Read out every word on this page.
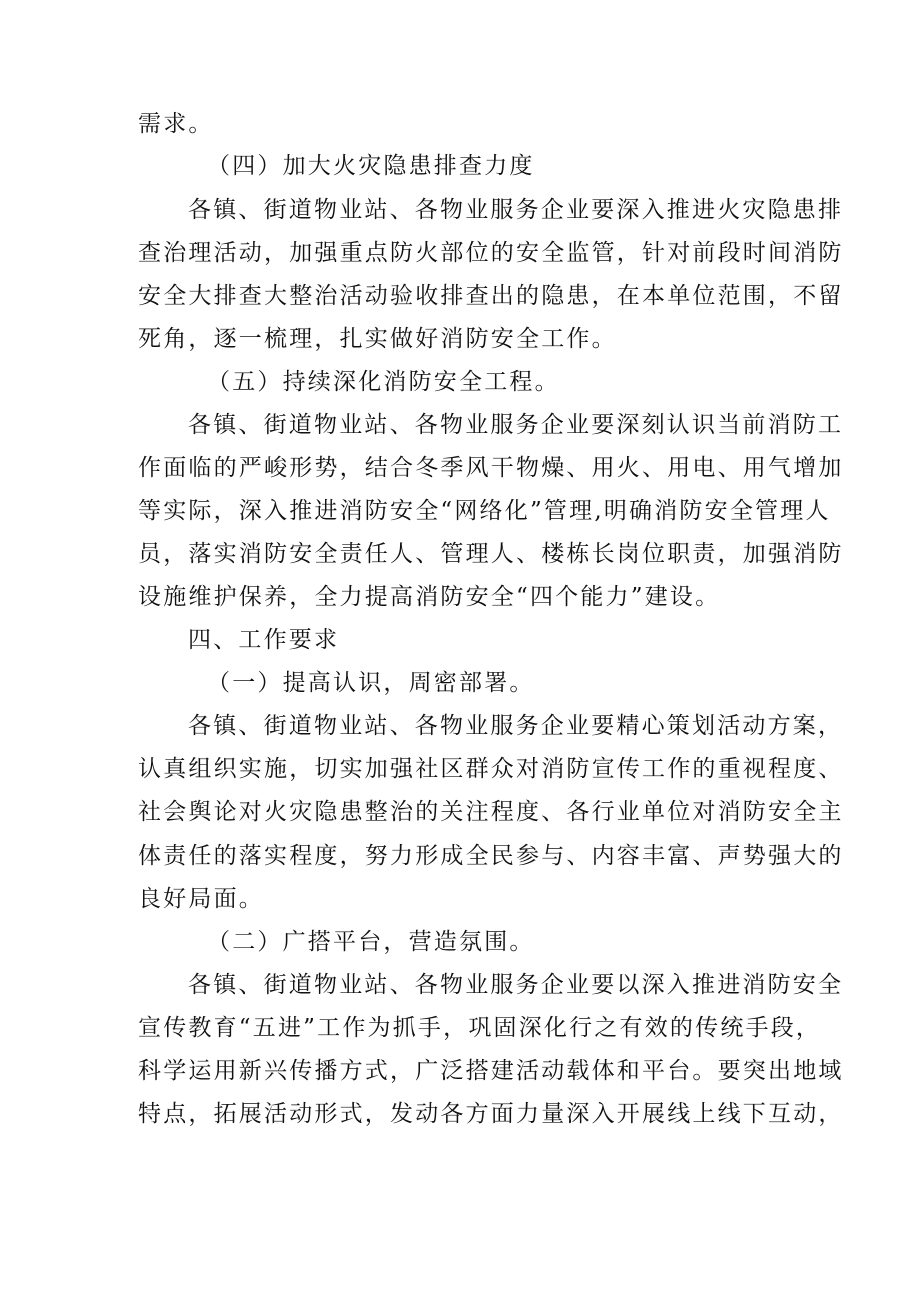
需求。
（四）加大火灾隐患排查力度
各镇、街道物业站、各物业服务企业要深入推进火灾隐患排
查治理活动，加强重点防火部位的安全监管，针对前段时间消防
安全大排查大整治活动验收排查出的隐患，在本单位范围，不留
死角，逐一梳理，扎实做好消防安全工作。
（五）持续深化消防安全工程。
各镇、街道物业站、各物业服务企业要深刻认识当前消防工
作面临的严峻形势，结合冬季风干物燥、用火、用电、用气增加
等实际，深入推进消防安全“网络化”管理,明确消防安全管理人
员，落实消防安全责任人、管理人、楼栋长岗位职责，加强消防
设施维护保养，全力提高消防安全“四个能力”建设。
四、工作要求
（一）提高认识，周密部署。
各镇、街道物业站、各物业服务企业要精心策划活动方案，
认真组织实施，切实加强社区群众对消防宣传工作的重视程度、
社会舆论对火灾隐患整治的关注程度、各行业单位对消防安全主
体责任的落实程度，努力形成全民参与、内容丰富、声势强大的
良好局面。
（二）广搭平台，营造氛围。
各镇、街道物业站、各物业服务企业要以深入推进消防安全
宣传教育“五进”工作为抓手，巩固深化行之有效的传统手段，
科学运用新兴传播方式，广泛搭建活动载体和平台。要突出地域
特点，拓展活动形式，发动各方面力量深入开展线上线下互动，
